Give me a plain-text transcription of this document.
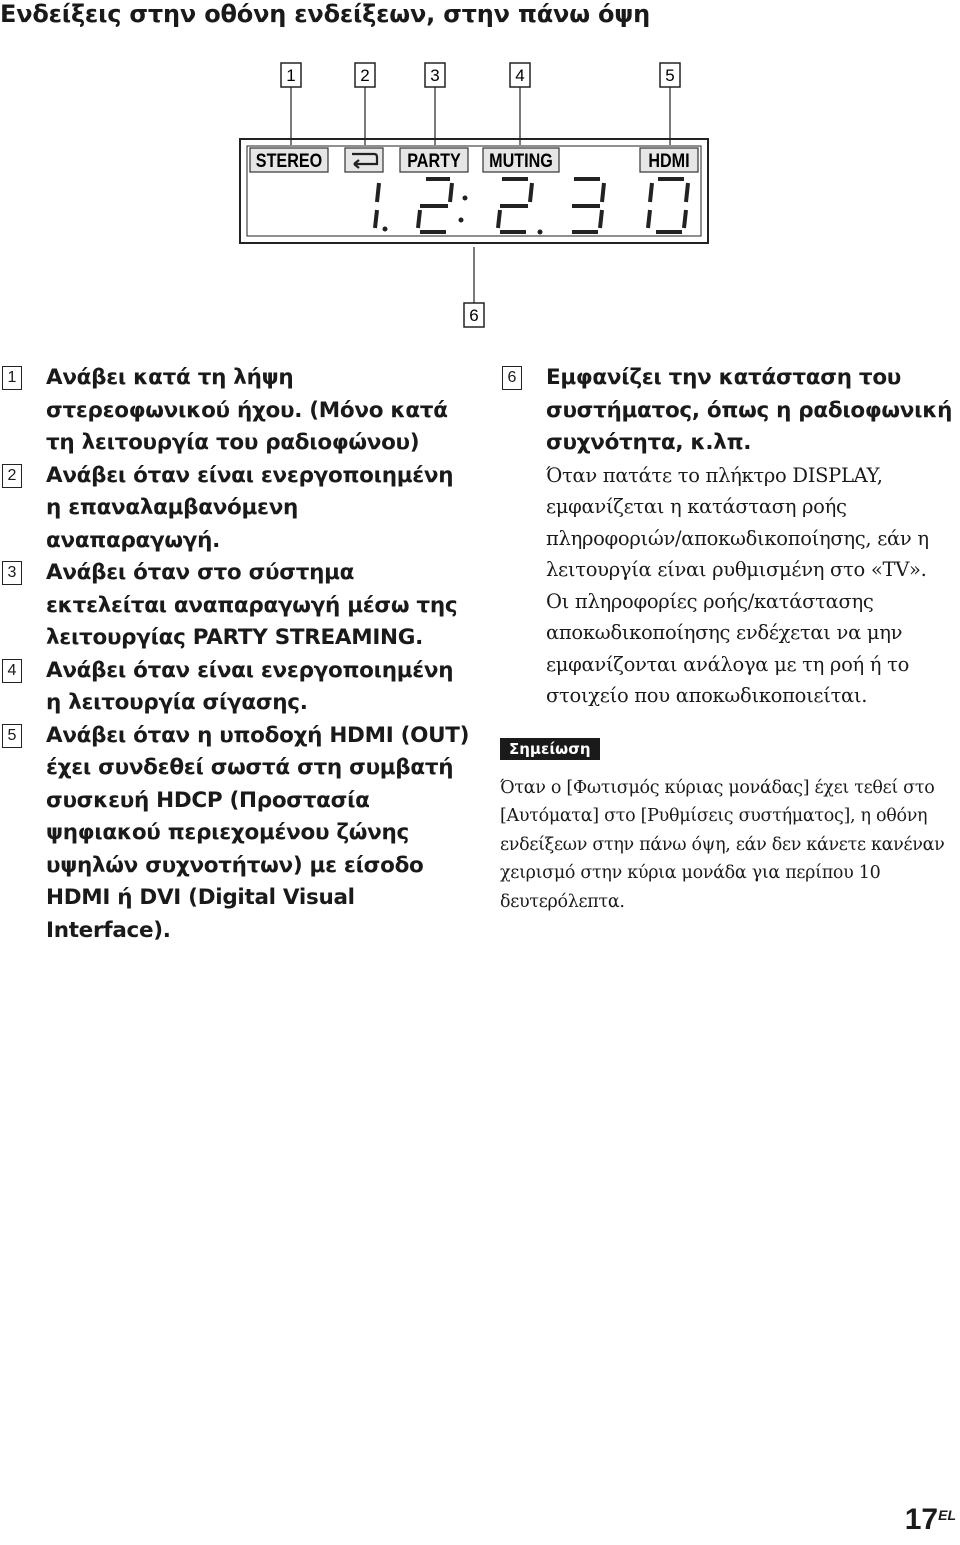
Ενδείξεις στην οθόνη ενδείξεων, στην πάνω όψη
1	2	3	4	5
6
STEREO	PARTY MUTING	HDMI
1 Ανάβει κατά τη λήψη στερεοφωνικού ήχου. (Μόνο κατά τη λειτουργία του ραδιοφώνου)
2 Ανάβει όταν είναι ενεργοποιημένη η επαναλαμβανόμενη αναπαραγωγή.
3 Ανάβει όταν στο σύστημα εκτελείται αναπαραγωγή μέσω της λειτουργίας PARTY STREAMING.
4 Ανάβει όταν είναι ενεργοποιημένη η λειτουργία σίγασης.
5 Ανάβει όταν η υποδοχή HDMI (OUT) έχει συνδεθεί σωστά στη συμβατή συσκευή HDCP (Προστασία ψηφιακού περιεχομένου ζώνης υψηλών συχνοτήτων) με είσοδο HDMI ή DVI (Digital Visual Interface).
6 Εμφανίζει την κατάσταση του συστήματος, όπως η ραδιοφωνική συχνότητα, κ.λπ.

Όταν πατάτε το πλήκτρο DISPLAY, εμφανίζεται η κατάσταση ροής πληροφοριών/αποκωδικοποίησης, εάν η λειτουργία είναι ρυθμισμένη στο «TV».

Οι πληροφορίες ροής/κατάστασης αποκωδικοποίησης ενδέχεται να μην εμφανίζονται ανάλογα με τη ροή ή το στοιχείο που αποκωδικοποιείται.

Σημείωση

Όταν ο [Φωτισμός κύριας μονάδας] έχει τεθεί στο [Αυτόματα] στο [Ρυθμίσεις συστήματος], η οθόνη ενδείξεων στην πάνω όψη, εάν δεν κάνετε κανέναν χειρισμό στην κύρια μονάδα για περίπου 10 δευτερόλεπτα.

$17^{EL}$
